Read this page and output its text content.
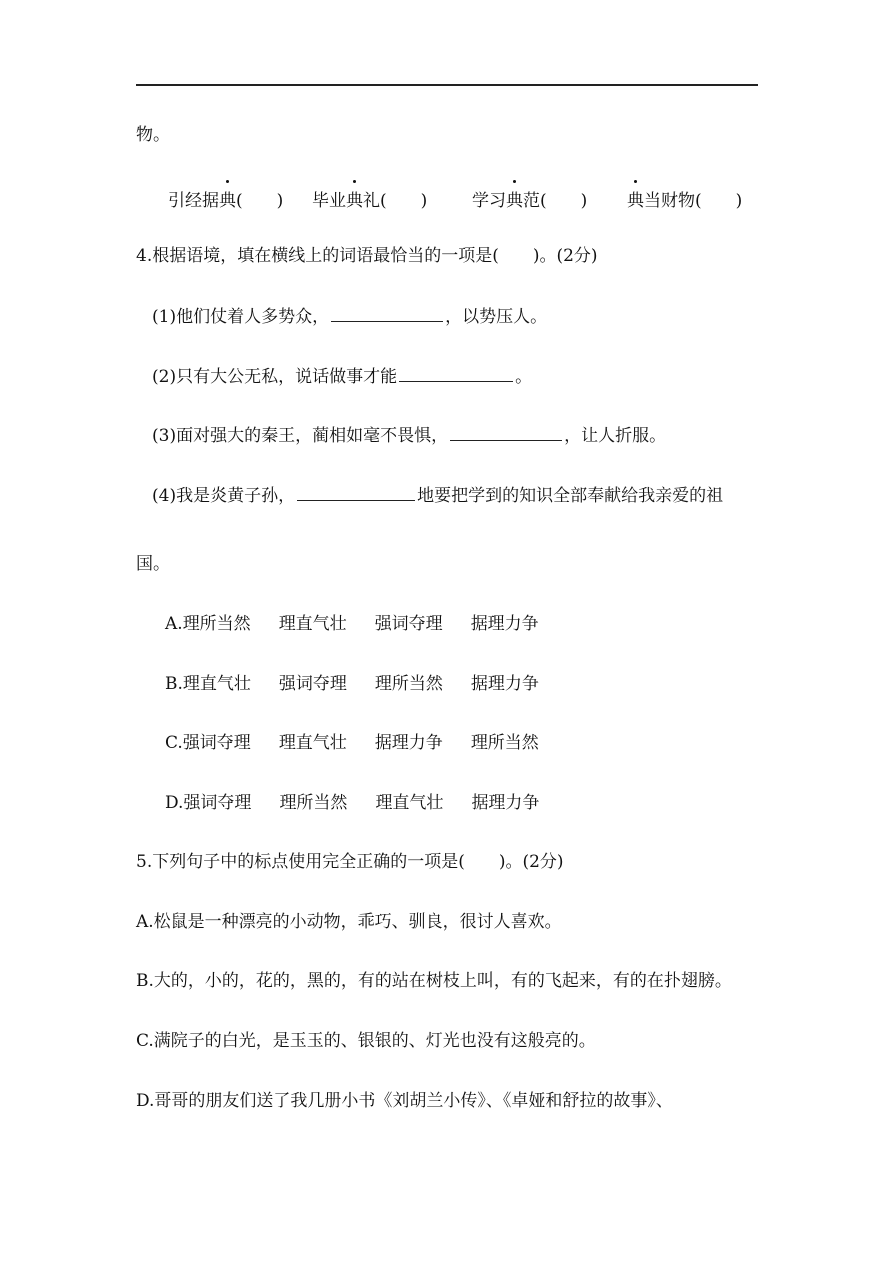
物。
引经据典(　　) 毕业典礼(　　)	学习典范(　　) 典当财物(　　)
4.根据语境，填在横线上的词语最恰当的一项是(　　)。(2分)
(1)他们仗着人多势众，	，以势压人。
(2)只有大公无私，说话做事才能	。
(3)面对强大的秦王，蔺相如毫不畏惧，	，让人折服。
(4)我是炎黄子孙，	地要把学到的知识全部奉献给我亲爱的祖
国。
A.理所当然 理直气壮 强词夺理 据理力争
B.理直气壮 强词夺理 理所当然 据理力争
C.强词夺理 理直气壮 据理力争 理所当然
D.强词夺理 理所当然 理直气壮 据理力争
5.下列句子中的标点使用完全正确的一项是(　　)。(2分)
A.松鼠是一种漂亮的小动物，乖巧、驯良，很讨人喜欢。
B.大的，小的，花的，黑的，有的站在树枝上叫，有的飞起来，有的在扑翅膀。
C.满院子的白光，是玉玉的、银银的、灯光也没有这般亮的。
D.哥哥的朋友们送了我几册小书《刘胡兰小传》、《卓娅和舒拉的故事》、
